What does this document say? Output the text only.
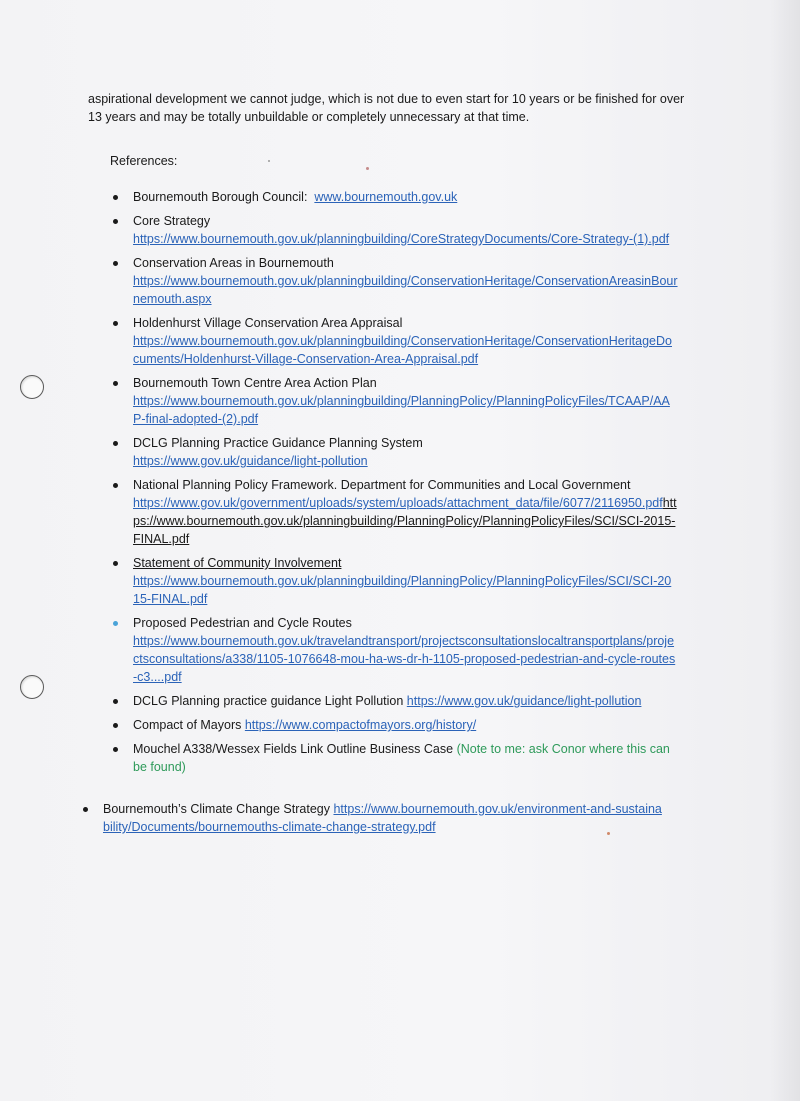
aspirational development we cannot judge, which is not due to even start for 10 years or be finished for over 13 years and may be totally unbuildable or completely unnecessary at that time.

References:

Bournemouth Borough Council: www.bournemouth.gov.uk
Core Strategy
https://www.bournemouth.gov.uk/planningbuilding/CoreStrategyDocuments/Core-Strategy-(1).pdf
Conservation Areas in Bournemouth
https://www.bournemouth.gov.uk/planningbuilding/ConservationHeritage/ConservationAreasinBournemouth.aspx
Holdenhurst Village Conservation Area Appraisal
https://www.bournemouth.gov.uk/planningbuilding/ConservationHeritage/ConservationHeritageDocuments/Holdenhurst-Village-Conservation-Area-Appraisal.pdf
Bournemouth Town Centre Area Action Plan
https://www.bournemouth.gov.uk/planningbuilding/PlanningPolicy/PlanningPolicyFiles/TCAAP/AAP-final-adopted-(2).pdf
DCLG Planning Practice Guidance Planning System
https://www.gov.uk/guidance/light-pollution
National Planning Policy Framework. Department for Communities and Local Government
https://www.gov.uk/government/uploads/system/uploads/attachment_data/file/6077/2116950.pdfhttps://www.bournemouth.gov.uk/planningbuilding/PlanningPolicy/PlanningPolicyFiles/SCI/SCI-2015-FINAL.pdf
Statement of Community Involvement
https://www.bournemouth.gov.uk/planningbuilding/PlanningPolicy/PlanningPolicyFiles/SCI/SCI-2015-FINAL.pdf
Proposed Pedestrian and Cycle Routes
https://www.bournemouth.gov.uk/travelandtransport/projectsconsultationslocaltransportplans/projectsconsultations/a338/1105-1076648-mou-ha-ws-dr-h-1105-proposed-pedestrian-and-cycle-routes-c3....pdf
DCLG Planning practice guidance Light Pollution https://www.gov.uk/guidance/light-pollution
Compact of Mayors https://www.compactofmayors.org/history/
Mouchel A338/Wessex Fields Link Outline Business Case (Note to me: ask Conor where this can be found)
Bournemouth’s Climate Change Strategy https://www.bournemouth.gov.uk/environment-and-sustainability/Documents/bournemouths-climate-change-strategy.pdf
